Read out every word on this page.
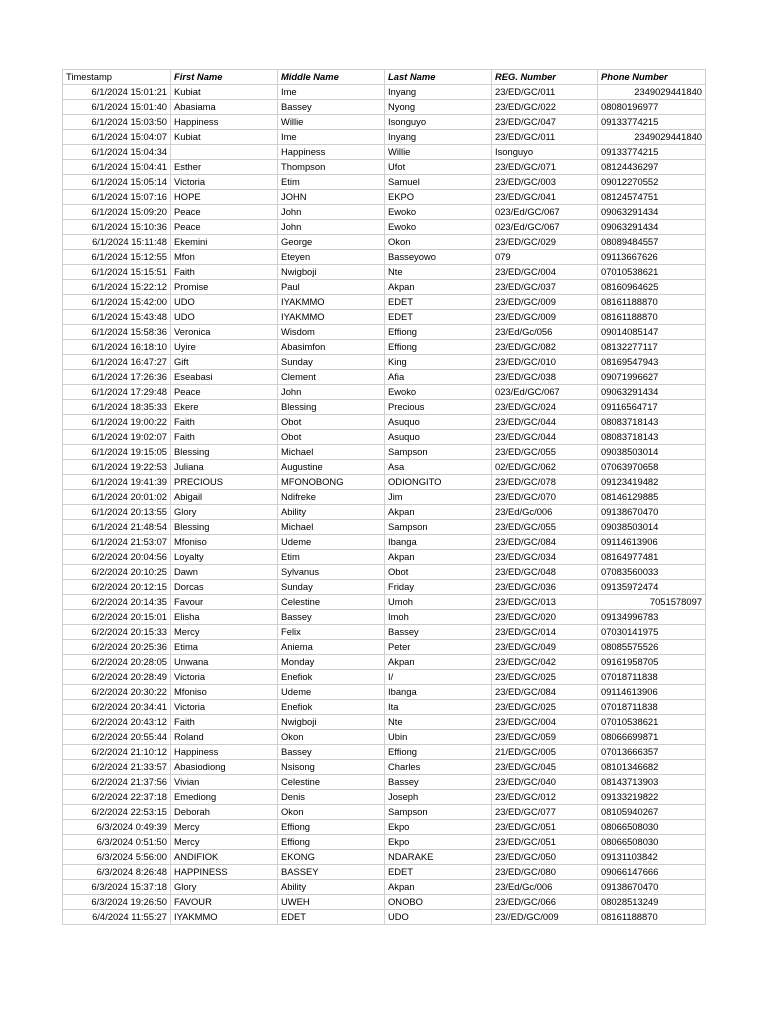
Timestamp	First Name	Middle Name	Last Name	REG. Number	Phone Number
6/1/2024 15:01:21	Kubiat	Ime	Inyang	23/ED/GC/011	2349029441840
6/1/2024 15:01:40	Abasiama	Bassey	Nyong	23/ED/GC/022	08080196977
6/1/2024 15:03:50	Happiness	Willie	Isonguyo	23/ED/GC/047	09133774215
6/1/2024 15:04:07	Kubiat	Ime	Inyang	23/ED/GC/011	2349029441840
6/1/2024 15:04:34		Happiness	Willie	Isonguyo	09133774215
6/1/2024 15:04:41	Esther	Thompson	Ufot	23/ED/GC/071	08124436297
6/1/2024 15:05:14	Victoria	Etim	Samuel	23/ED/GC/003	09012270552
6/1/2024 15:07:16	HOPE	JOHN	EKPO	23/ED/GC/041	08124574751
6/1/2024 15:09:20	Peace	John	Ewoko	023/Ed/GC/067	09063291434
6/1/2024 15:10:36	Peace	John	Ewoko	023/Ed/GC/067	09063291434
6/1/2024 15:11:48	Ekemini	George	Okon	23/ED/GC/029	08089484557
6/1/2024 15:12:55	Mfon	Eteyen	Basseyowo	079	09113667626
6/1/2024 15:15:51	Faith	Nwigboji	Nte	23/ED/GC/004	07010538621
6/1/2024 15:22:12	Promise	Paul	Akpan	23/ED/GC/037	08160964625
6/1/2024 15:42:00	UDO	IYAKMMO	EDET	23/ED/GC/009	08161188870
6/1/2024 15:43:48	UDO	IYAKMMO	EDET	23/ED/GC/009	08161188870
6/1/2024 15:58:36	Veronica	Wisdom	Effiong	23/Ed/Gc/056	09014085147
6/1/2024 16:18:10	Uyire	Abasimfon	Effiong	23/ED/GC/082	08132277117
6/1/2024 16:47:27	Gift	Sunday	King	23/ED/GC/010	08169547943
6/1/2024 17:26:36	Eseabasi	Clement	Afia	23/ED/GC/038	09071996627
6/1/2024 17:29:48	Peace	John	Ewoko	023/Ed/GC/067	09063291434
6/1/2024 18:35:33	Ekere	Blessing	Precious	23/ED/GC/024	09116564717
6/1/2024 19:00:22	Faith	Obot	Asuquo	23/ED/GC/044	08083718143
6/1/2024 19:02:07	Faith	Obot	Asuquo	23/ED/GC/044	08083718143
6/1/2024 19:15:05	Blessing	Michael	Sampson	23/ED/GC/055	09038503014
6/1/2024 19:22:53	Juliana	Augustine	Asa	02/ED/GC/062	07063970658
6/1/2024 19:41:39	PRECIOUS	MFONOBONG	ODIONGITO	23/ED/GC/078	09123419482
6/1/2024 20:01:02	Abigail	Ndifreke	Jim	23/ED/GC/070	08146129885
6/1/2024 20:13:55	Glory	Ability	Akpan	23/Ed/Gc/006	09138670470
6/1/2024 21:48:54	Blessing	Michael	Sampson	23/ED/GC/055	09038503014
6/1/2024 21:53:07	Mfoniso	Udeme	Ibanga	23/ED/GC/084	09114613906
6/2/2024 20:04:56	Loyalty	Etim	Akpan	23/ED/GC/034	08164977481
6/2/2024 20:10:25	Dawn	Sylvanus	Obot	23/ED/GC/048	07083560033
6/2/2024 20:12:15	Dorcas	Sunday	Friday	23/ED/GC/036	09135972474
6/2/2024 20:14:35	Favour	Celestine	Umoh	23/ED/GC/013	7051578097
6/2/2024 20:15:01	Elisha	Bassey	Imoh	23/ED/GC/020	09134996783
6/2/2024 20:15:33	Mercy	Felix	Bassey	23/ED/GC/014	07030141975
6/2/2024 20:25:36	Etima	Aniema	Peter	23/ED/GC/049	08085575526
6/2/2024 20:28:05	Unwana	Monday	Akpan	23/ED/GC/042	09161958705
6/2/2024 20:28:49	Victoria	Enefiok	I/	23/ED/GC/025	07018711838
6/2/2024 20:30:22	Mfoniso	Udeme	Ibanga	23/ED/GC/084	09114613906
6/2/2024 20:34:41	Victoria	Enefiok	Ita	23/ED/GC/025	07018711838
6/2/2024 20:43:12	Faith	Nwigboji	Nte	23/ED/GC/004	07010538621
6/2/2024 20:55:44	Roland	Okon	Ubin	23/ED/GC/059	08066699871
6/2/2024 21:10:12	Happiness	Bassey	Effiong	21/ED/GC/005	07013666357
6/2/2024 21:33:57	Abasiodiong	Nsisong	Charles	23/ED/GC/045	08101346682
6/2/2024 21:37:56	Vivian	Celestine	Bassey	23/ED/GC/040	08143713903
6/2/2024 22:37:18	Emediong	Denis	Joseph	23/ED/GC/012	09133219822
6/2/2024 22:53:15	Deborah	Okon	Sampson	23/ED/GC/077	08105940267
6/3/2024 0:49:39	Mercy	Effiong	Ekpo	23/ED/GC/051	08066508030
6/3/2024 0:51:50	Mercy	Effiong	Ekpo	23/ED/GC/051	08066508030
6/3/2024 5:56:00	ANDIFIOK	EKONG	NDARAKE	23/ED/GC/050	09131103842
6/3/2024 8:26:48	HAPPINESS	BASSEY	EDET	23/ED/GC/080	09066147666
6/3/2024 15:37:18	Glory	Ability	Akpan	23/Ed/Gc/006	09138670470
6/3/2024 19:26:50	FAVOUR	UWEH	ONOBO	23/ED/GC/066	08028513249
6/4/2024 11:55:27	IYAKMMO	EDET	UDO	23//ED/GC/009	08161188870
